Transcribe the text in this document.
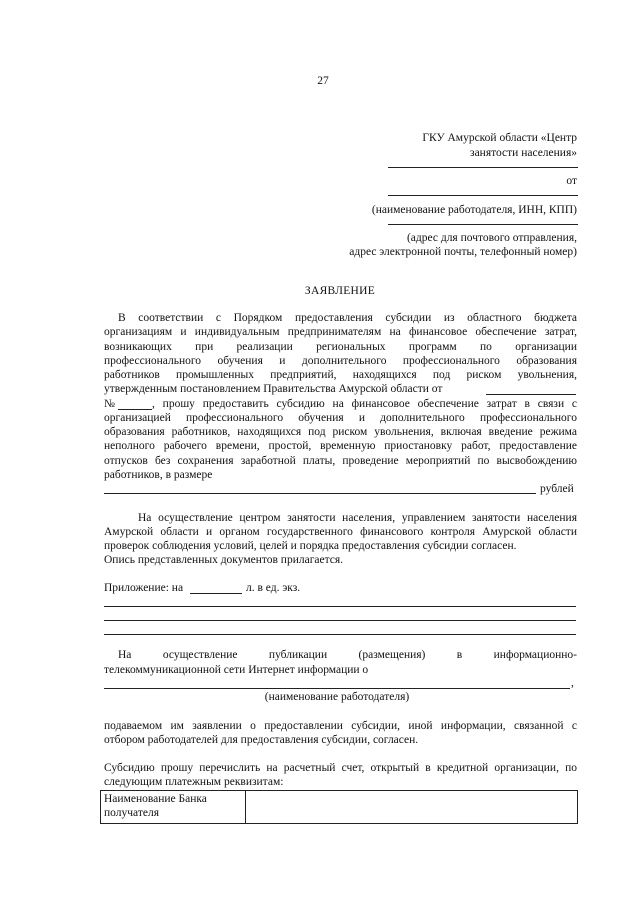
27
ГКУ Амурской области «Центр
занятости населения»
от
(наименование работодателя, ИНН, КПП)
(адрес для почтового отправления,
адрес электронной почты, телефонный номер)
ЗАЯВЛЕНИЕ
В соответствии с Порядком предоставления субсидии из областного бюджета
организациям и индивидуальным предпринимателям на финансовое обеспечение затрат,
возникающих при реализации региональных программ по организации
профессионального обучения и дополнительного профессионального образования
работников промышленных предприятий, находящихся под риском увольнения,
утвержденным постановлением Правительства Амурской области от
№	, прошу предоставить субсидию на финансовое обеспечение затрат в связи с
организацией профессионального обучения и дополнительного профессионального
образования работников, находящихся под риском увольнения, включая введение режима
неполного рабочего времени, простой, временную приостановку работ, предоставление
отпусков без сохранения заработной платы, проведение мероприятий по высвобождению
работников, в размере
рублей
На осуществление центром занятости населения, управлением занятости населения
Амурской области и органом государственного финансового контроля Амурской области
проверок соблюдения условий, целей и порядка предоставления субсидии согласен.
Опись представленных документов прилагается.
Приложение: на	л. в ед. экз.
На осуществление публикации (размещения) в информационно-
телекоммуникационной сети Интернет информации о
,
(наименование работодателя)
подаваемом им заявлении о предоставлении субсидии, иной информации, связанной с
отбором работодателей для предоставления субсидии, согласен.
Субсидию прошу перечислить на расчетный счет, открытый в кредитной организации, по
следующим платежным реквизитам:
Наименование Банка
получателя
